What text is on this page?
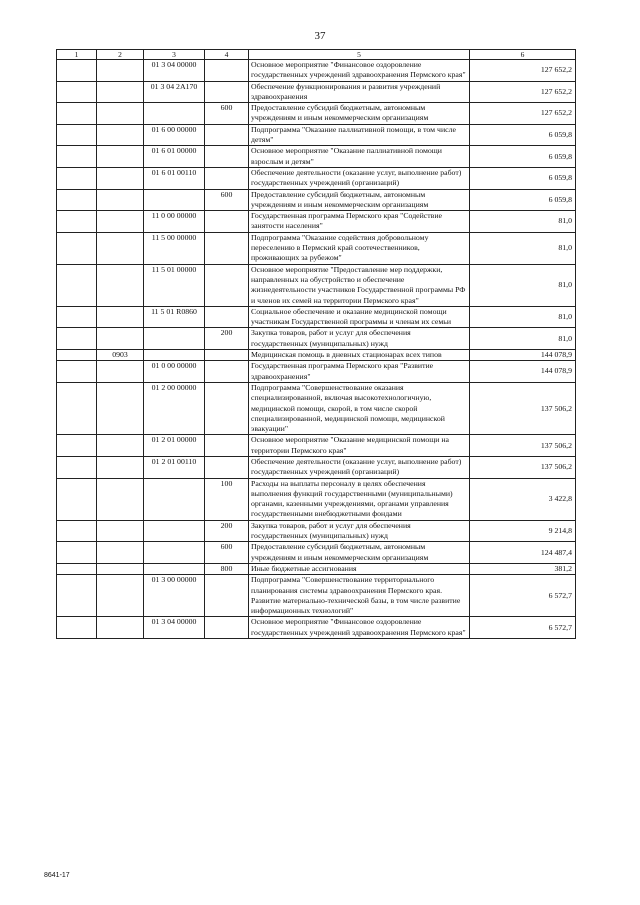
37
1	2	3	4	5	6
		01 3 04 00000		Основное мероприятие "Финансовое оздоровление государственных учреждений здравоохранения Пермского края"	127 652,2
		01 3 04 2А170		Обеспечение функционирования и развития учреждений здравоохранения	127 652,2
			600	Предоставление субсидий бюджетным, автономным учреждениям и иным некоммерческим организациям	127 652,2
		01 6 00 00000		Подпрограмма "Оказание паллиативной помощи, в том числе детям"	6 059,8
		01 6 01 00000		Основное мероприятие "Оказание паллиативной помощи взрослым и детям"	6 059,8
		01 6 01 00110		Обеспечение деятельности (оказание услуг, выполнение работ) государственных учреждений (организаций)	6 059,8
			600	Предоставление субсидий бюджетным, автономным учреждениям и иным некоммерческим организациям	6 059,8
		11 0 00 00000		Государственная программа Пермского края "Содействие занятости населения"	81,0
		11 5 00 00000		Подпрограмма "Оказание содействия добровольному переселению в Пермский край соотечественников, проживающих за рубежом"	81,0
		11 5 01 00000		Основное мероприятие "Предоставление мер поддержки, направленных на обустройство и обеспечение жизнедеятельности участников Государственной программы РФ и членов их семей на территории Пермского края"	81,0
		11 5 01 R0860		Социальное обеспечение и оказание медицинской помощи участникам Государственной программы и членам их семьи	81,0
			200	Закупка товаров, работ и услуг для обеспечения государственных (муниципальных) нужд	81,0
	0903			Медицинская помощь в дневных стационарах всех типов	144 078,9
		01 0 00 00000		Государственная программа Пермского края "Развитие здравоохранения"	144 078,9
		01 2 00 00000		Подпрограмма "Совершенствование оказания специализированной, включая высокотехнологичную, медицинской помощи, скорой, в том числе скорой специализированной, медицинской помощи, медицинской эвакуации"	137 506,2
		01 2 01 00000		Основное мероприятие "Оказание медицинской помощи на территории Пермского края"	137 506,2
		01 2 01 00110		Обеспечение деятельности (оказание услуг, выполнение работ) государственных учреждений (организаций)	137 506,2
			100	Расходы на выплаты персоналу в целях обеспечения выполнения функций государственными (муниципальными) органами, казенными учреждениями, органами управления государственными внебюджетными фондами	3 422,8
			200	Закупка товаров, работ и услуг для обеспечения государственных (муниципальных) нужд	9 214,8
			600	Предоставление субсидий бюджетным, автономным учреждениям и иным некоммерческим организациям	124 487,4
			800	Иные бюджетные ассигнования	381,2
		01 3 00 00000		Подпрограмма "Совершенствование территориального планирования системы здравоохранения Пермского края. Развитие материально-технической базы, в том числе развитие информационных технологий"	6 572,7
		01 3 04 00000		Основное мероприятие "Финансовое оздоровление государственных учреждений здравоохранения Пермского края"	6 572,7
8641-17
